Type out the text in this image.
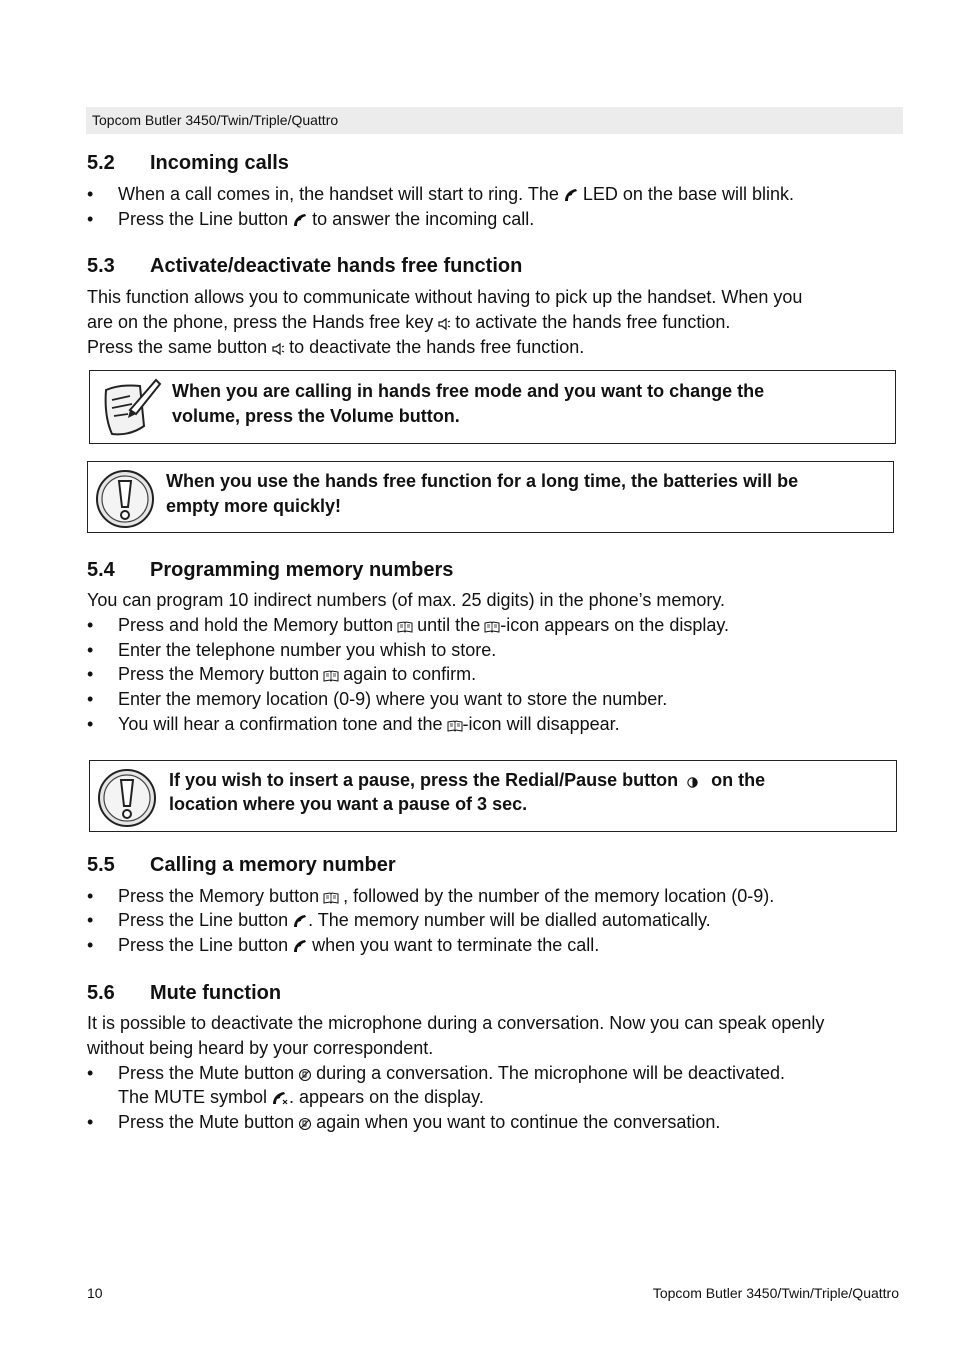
Topcom Butler 3450/Twin/Triple/Quattro
5.2 Incoming calls
• When a call comes in, the handset will start to ring. The LED on the base will blink.
• Press the Line button to answer the incoming call.
5.3 Activate/deactivate hands free function
This function allows you to communicate without having to pick up the handset. When you
are on the phone, press the Hands free key to activate the hands free function.
Press the same button to deactivate the hands free function.
When you are calling in hands free mode and you want to change the
volume, press the Volume button.
When you use the hands free function for a long time, the batteries will be
empty more quickly!
5.4 Programming memory numbers
You can program 10 indirect numbers (of max. 25 digits) in the phone’s memory.
• Press and hold the Memory button until the -icon appears on the display.
• Enter the telephone number you whish to store.
• Press the Memory button again to confirm.
• Enter the memory location (0-9) where you want to store the number.
• You will hear a confirmation tone and the -icon will disappear.
If you wish to insert a pause, press the Redial/Pause button on the
location where you want a pause of 3 sec.
5.5 Calling a memory number
• Press the Memory button , followed by the number of the memory location (0-9).
• Press the Line button . The memory number will be dialled automatically.
• Press the Line button when you want to terminate the call.
5.6 Mute function
It is possible to deactivate the microphone during a conversation. Now you can speak openly
without being heard by your correspondent.
• Press the Mute button during a conversation. The microphone will be deactivated.
The MUTE symbol . appears on the display.
• Press the Mute button again when you want to continue the conversation.
10	Topcom Butler 3450/Twin/Triple/Quattro
